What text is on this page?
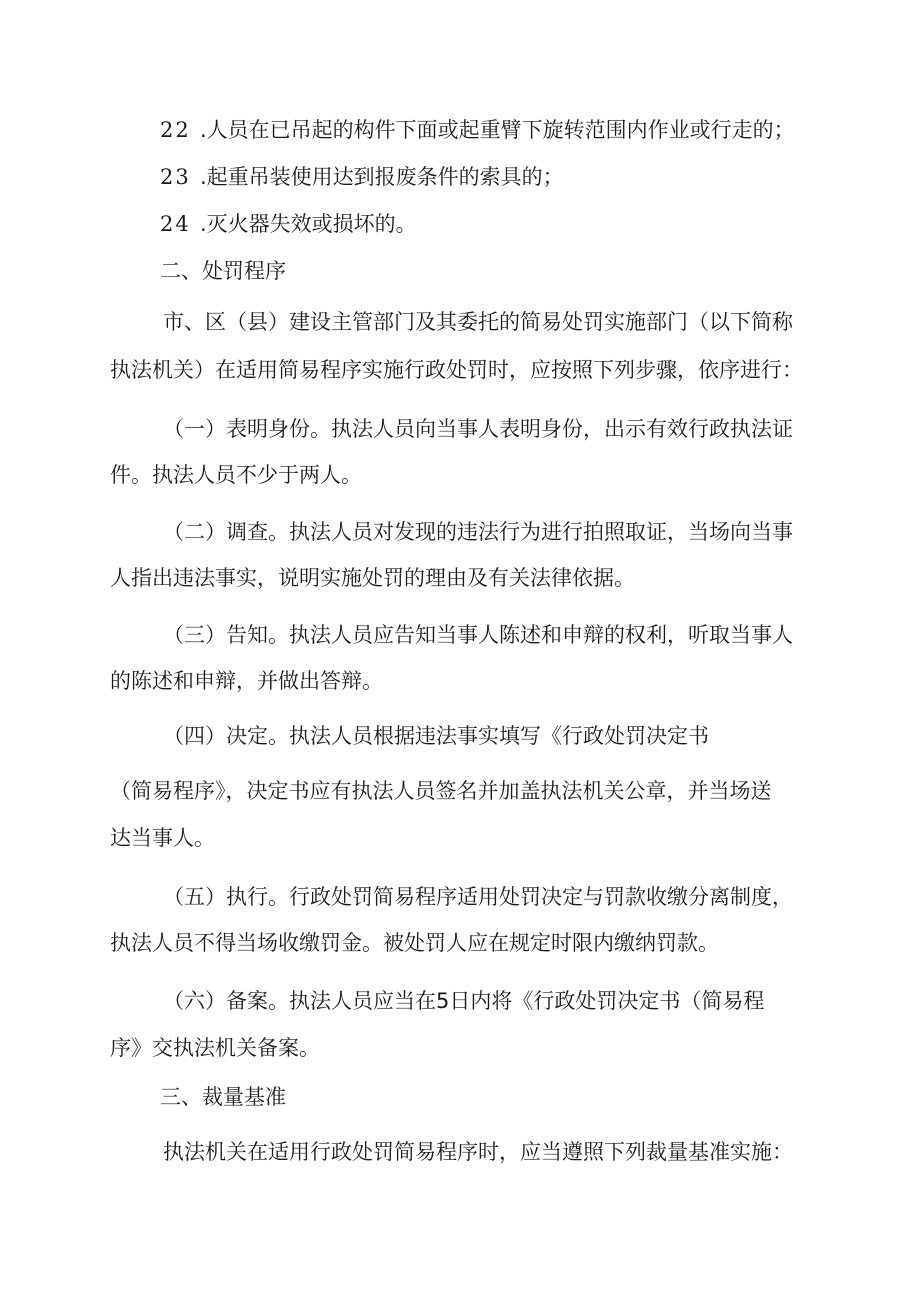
22 .人员在已吊起的构件下面或起重臂下旋转范围内作业或行走的；
23 .起重吊装使用达到报废条件的索具的；
24 .灭火器失效或损坏的。
二、处罚程序
市、区（县）建设主管部门及其委托的简易处罚实施部门（以下简称
执法机关）在适用简易程序实施行政处罚时，应按照下列步骤，依序进行：
（一）表明身份。执法人员向当事人表明身份，出示有效行政执法证
件。执法人员不少于两人。
（二）调查。执法人员对发现的违法行为进行拍照取证，当场向当事
人指出违法事实，说明实施处罚的理由及有关法律依据。
（三）告知。执法人员应告知当事人陈述和申辩的权利，听取当事人
的陈述和申辩，并做出答辩。
（四）决定。执法人员根据违法事实填写《行政处罚决定书
（简易程序》，决定书应有执法人员签名并加盖执法机关公章，并当场送
达当事人。
（五）执行。行政处罚简易程序适用处罚决定与罚款收缴分离制度，
执法人员不得当场收缴罚金。被处罚人应在规定时限内缴纳罚款。
（六）备案。执法人员应当在5日内将《行政处罚决定书（简易程
序》交执法机关备案。
三、裁量基准
执法机关在适用行政处罚简易程序时，应当遵照下列裁量基准实施：
